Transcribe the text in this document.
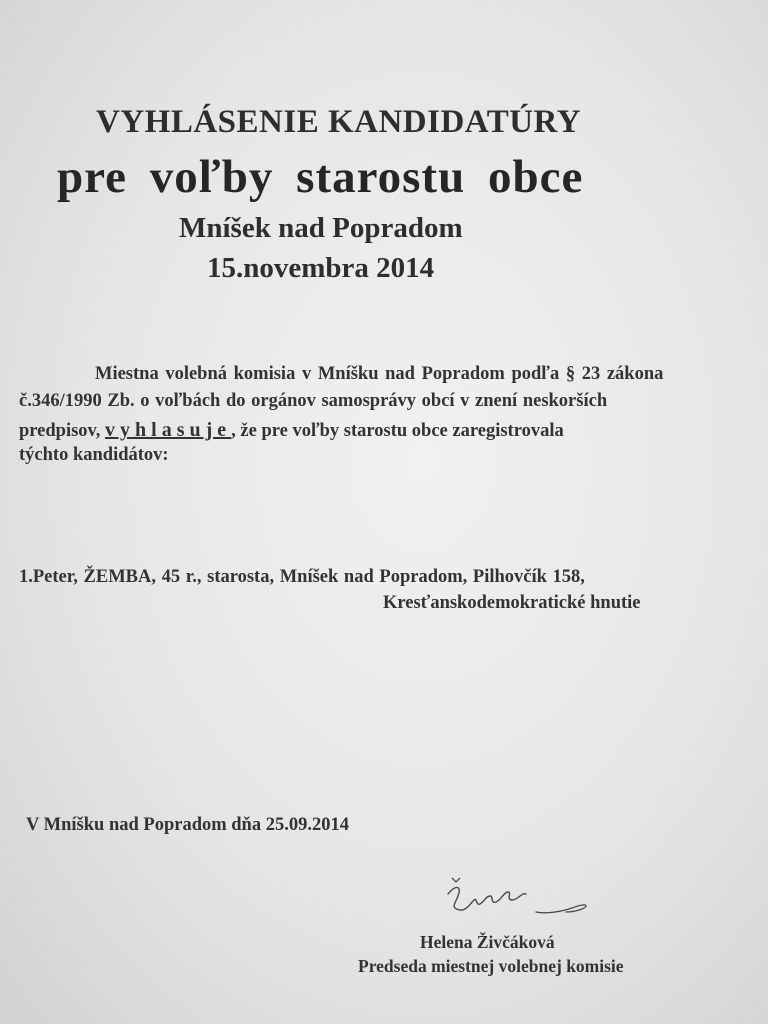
VYHLÁSENIE KANDIDATÚRY
pre voľby starostu obce
Mníšek nad Popradom
15.novembra 2014
Miestna volebná komisia v Mníšku nad Popradom podľa § 23 zákona
č.346/1990 Zb. o voľbách do orgánov samosprávy obcí v znení neskorších
predpisov, vyhlasuje, že pre voľby starostu obce zaregistrovala
týchto kandidátov:
1.Peter, ŽEMBA, 45 r., starosta, Mníšek nad Popradom, Pilhovčík 158,
Kresťanskodemokratické hnutie
V Mníšku nad Popradom dňa 25.09.2014
Helena Živčáková
Predseda miestnej volebnej komisie
